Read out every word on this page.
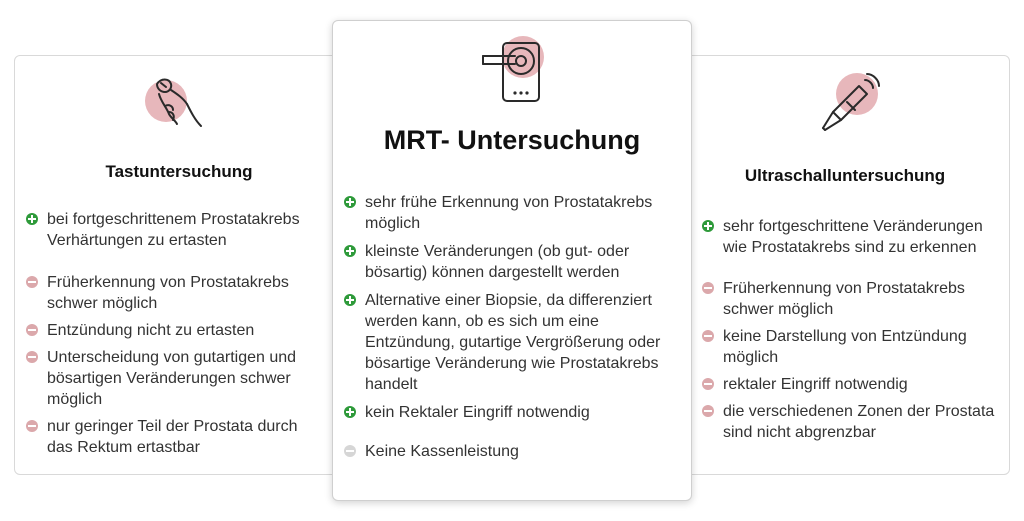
Tastuntersuchung
bei fortgeschrittenem Prostatakrebs Verhärtungen zu ertasten
Früherkennung von Prostatakrebs schwer möglich
Entzündung nicht zu ertasten
Unterscheidung von gutartigen und bösartigen Veränderungen schwer möglich
nur geringer Teil der Prostata durch das Rektum ertastbar
MRT- Untersuchung
sehr frühe Erkennung von Prostatakrebs möglich
kleinste Veränderungen (ob gut- oder bösartig) können dargestellt werden
Alternative einer Biopsie, da differenziert werden kann, ob es sich um eine Entzündung, gutartige Vergrößerung oder bösartige Veränderung wie Prostatakrebs handelt
kein Rektaler Eingriff notwendig
Keine Kassenleistung
Ultraschalluntersuchung
sehr fortgeschrittene Veränderungen wie Prostatakrebs sind zu erkennen
Früherkennung von Prostatakrebs schwer möglich
keine Darstellung von Entzündung möglich
rektaler Eingriff notwendig
die verschiedenen Zonen der Prostata sind nicht abgrenzbar
